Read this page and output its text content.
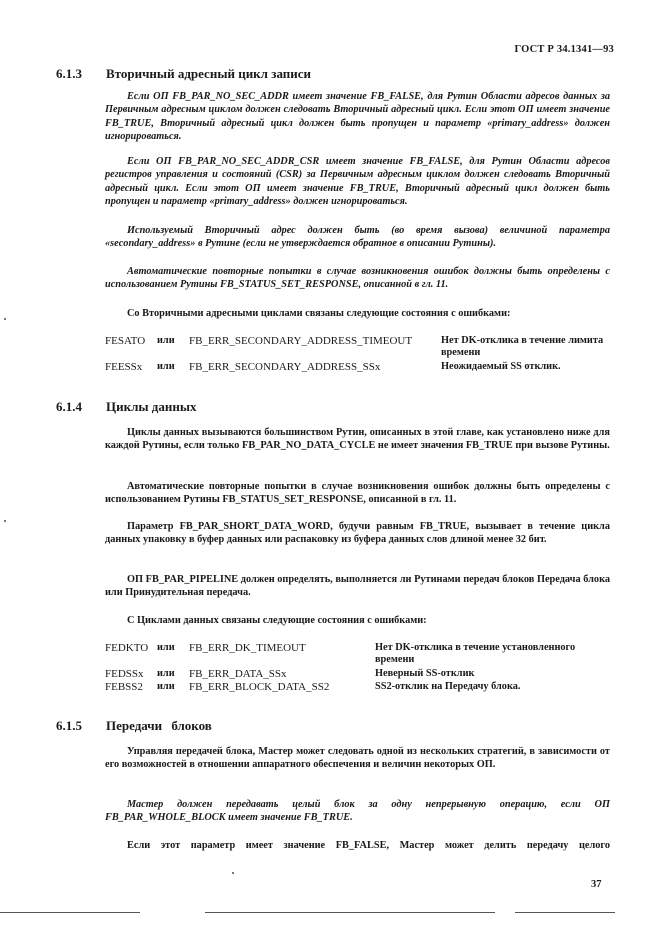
ГОСТ Р 34.1341—93
6.1.3 Вторичный адресный цикл записи

Если ОП FB_PAR_NO_SEC_ADDR имеет значение FB_FALSE, для Рутин Области адресов данных за Первичным адресным циклом должен следовать Вторичный адресный цикл. Если этот ОП имеет значение FB_TRUE, Вторичный адресный цикл должен быть пропущен и параметр «primary_address» должен игнорироваться.

Если ОП FB_PAR_NO_SEC_ADDR_CSR имеет значение FB_FALSE, для Рутин Области адресов регистров управления и состояний (CSR) за Первичным адресным циклом должен следовать Вторичный адресный цикл. Если этот ОП имеет значение FB_TRUE, Вторичный адресный цикл должен быть пропущен и параметр «primary_address» должен игнорироваться.

Используемый Вторичный адрес должен быть (во время вызова) величиной параметра «secondary_address» в Рутине (если не утверждается обратное в описании Рутины).

Автоматические повторные попытки в случае возникновения ошибок должны быть определены с использованием Рутины FB_STATUS_SET_RESPONSE, описанной в гл. 11.

Со Вторичными адресными циклами связаны следующие состояния с ошибками:

FESATO или FB_ERR_SECONDARY_ADDRESS_TIMEOUT	Нет DK-отклика в течение лимита времени
FEESSx или FB_ERR_SECONDARY_ADDRESS_SSx	Неожидаемый SS отклик.
6.1.4 Циклы данных

Циклы данных вызываются большинством Рутин, описанных в этой главе, как установлено ниже для каждой Рутины, если только FB_PAR_NO_DATA_CYCLE не имеет значения FB_TRUE при вызове Рутины.

Автоматические повторные попытки в случае возникновения ошибок должны быть определены с использованием Рутины FB_STATUS_SET_RESPONSE, описанной в гл. 11.

Параметр FB_PAR_SHORT_DATA_WORD, будучи равным FB_TRUE, вызывает в течение цикла данных упаковку в буфер данных или распаковку из буфера данных слов длиной менее 32 бит.

ОП FB_PAR_PIPELINE должен определять, выполняется ли Рутинами передач блоков Передача блока или Принудительная передача.

С Циклами данных связаны следующие состояния с ошибками:

FEDKTO или FB_ERR_DK_TIMEOUT	Нет DK-отклика в течение установленного времени
FEDSSx или FB_ERR_DATA_SSx	Неверный SS-отклик
FEBSS2 или FB_ERR_BLOCK_DATA_SS2	SS2-отклик на Передачу блока.
6.1.5 Передачи блоков

Управляя передачей блока, Мастер может следовать одной из нескольких стратегий, в зависимости от его возможностей в отношении аппаратного обеспечения и величин некоторых ОП.

Мастер должен передавать целый блок за одну непрерывную операцию, если ОП FB_PAR_WHOLE_BLOCK имеет значение FB_TRUE.

Если этот параметр имеет значение FB_FALSE, Мастер может делить передачу целого

37
